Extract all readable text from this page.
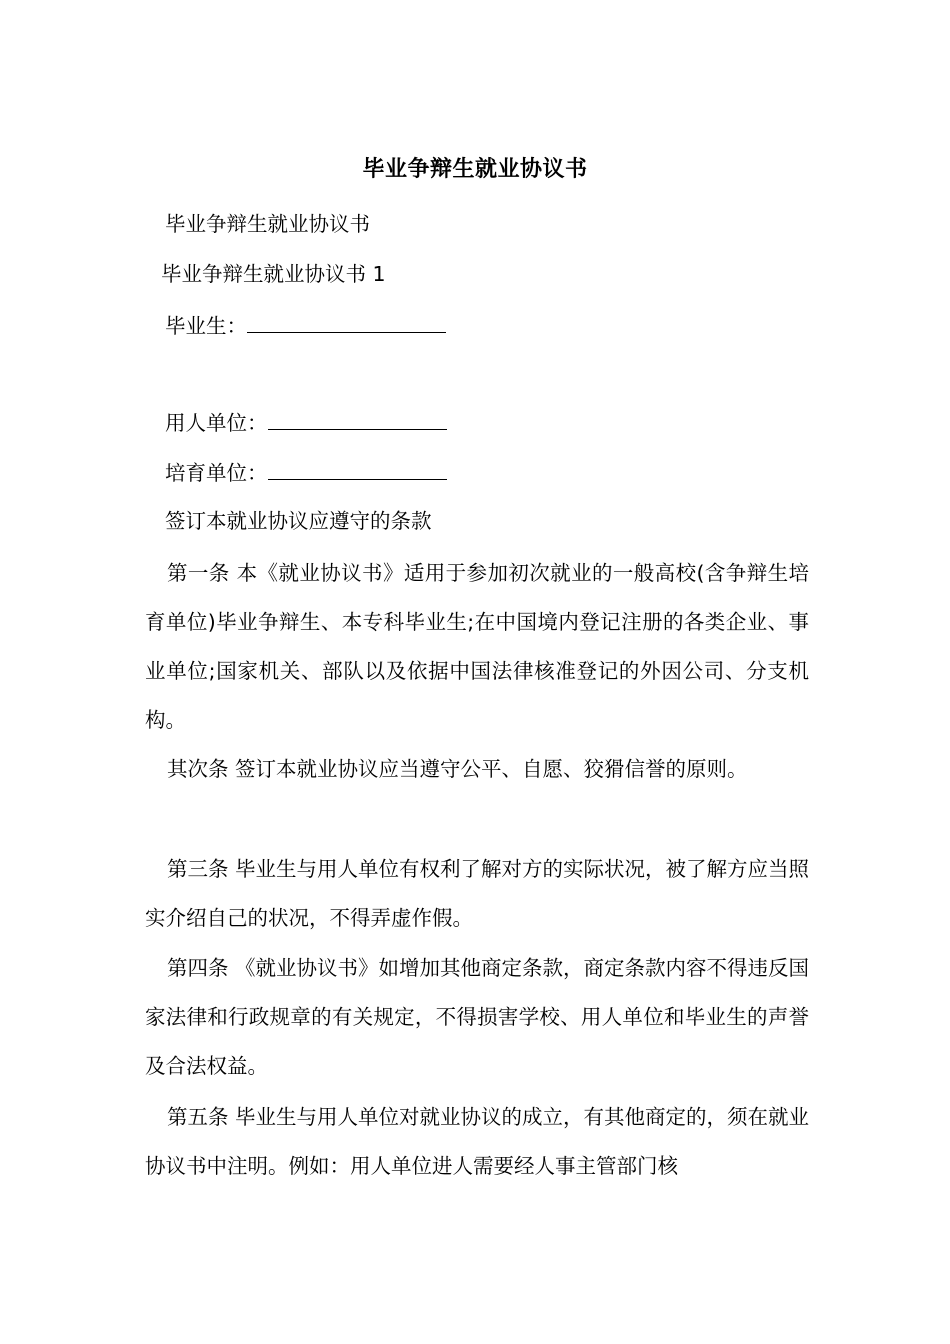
毕业争辩生就业协议书
毕业争辩生就业协议书
毕业争辩生就业协议书 1
毕业生：
用人单位：
培育单位：
签订本就业协议应遵守的条款
第一条 本《就业协议书》适用于参加初次就业的一般高校(含争辩生培育单位)毕业争辩生、本专科毕业生;在中国境内登记注册的各类企业、事业单位;国家机关、部队以及依据中国法律核准登记的外因公司、分支机构。
其次条 签订本就业协议应当遵守公平、自愿、狡猾信誉的原则。
第三条 毕业生与用人单位有权利了解对方的实际状况，被了解方应当照实介绍自己的状况，不得弄虚作假。
第四条 《就业协议书》如增加其他商定条款，商定条款内容不得违反国家法律和行政规章的有关规定，不得损害学校、用人单位和毕业生的声誉及合法权益。
第五条 毕业生与用人单位对就业协议的成立，有其他商定的，须在就业协议书中注明。例如：用人单位进人需要经人事主管部门核
